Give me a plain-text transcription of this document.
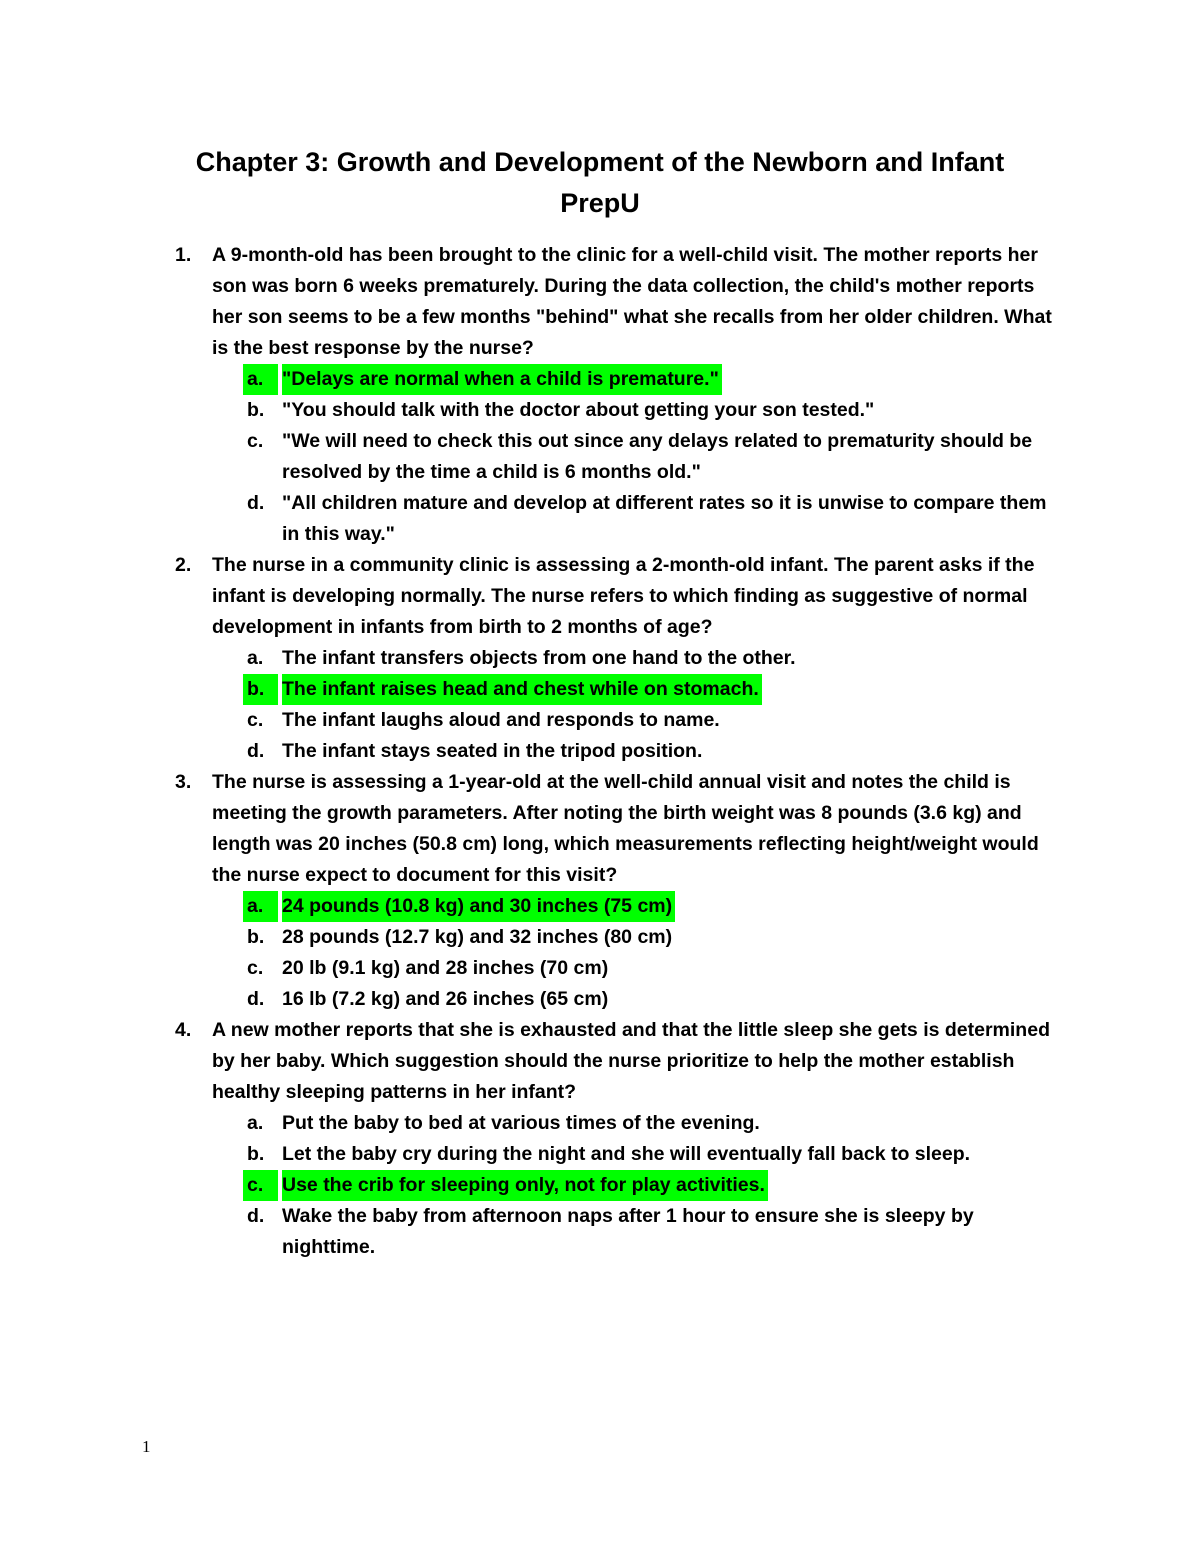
Chapter 3: Growth and Development of the Newborn and Infant
PrepU
1.	A 9-month-old has been brought to the clinic for a well-child visit. The mother reports her son was born 6 weeks prematurely. During the data collection, the child's mother reports her son seems to be a few months "behind" what she recalls from her older children. What is the best response by the nurse?
a. "Delays are normal when a child is premature."
b. "You should talk with the doctor about getting your son tested."
c. "We will need to check this out since any delays related to prematurity should be resolved by the time a child is 6 months old."
d. "All children mature and develop at different rates so it is unwise to compare them in this way."
2.	The nurse in a community clinic is assessing a 2-month-old infant. The parent asks if the infant is developing normally. The nurse refers to which finding as suggestive of normal development in infants from birth to 2 months of age?
a. The infant transfers objects from one hand to the other.
b. The infant raises head and chest while on stomach.
c. The infant laughs aloud and responds to name.
d. The infant stays seated in the tripod position.
3.	The nurse is assessing a 1-year-old at the well-child annual visit and notes the child is meeting the growth parameters. After noting the birth weight was 8 pounds (3.6 kg) and length was 20 inches (50.8 cm) long, which measurements reflecting height/weight would the nurse expect to document for this visit?
a. 24 pounds (10.8 kg) and 30 inches (75 cm)
b. 28 pounds (12.7 kg) and 32 inches (80 cm)
c. 20 lb (9.1 kg) and 28 inches (70 cm)
d. 16 lb (7.2 kg) and 26 inches (65 cm)
4.	A new mother reports that she is exhausted and that the little sleep she gets is determined by her baby. Which suggestion should the nurse prioritize to help the mother establish healthy sleeping patterns in her infant?
a. Put the baby to bed at various times of the evening.
b. Let the baby cry during the night and she will eventually fall back to sleep.
c. Use the crib for sleeping only, not for play activities.
d. Wake the baby from afternoon naps after 1 hour to ensure she is sleepy by nighttime.
1
